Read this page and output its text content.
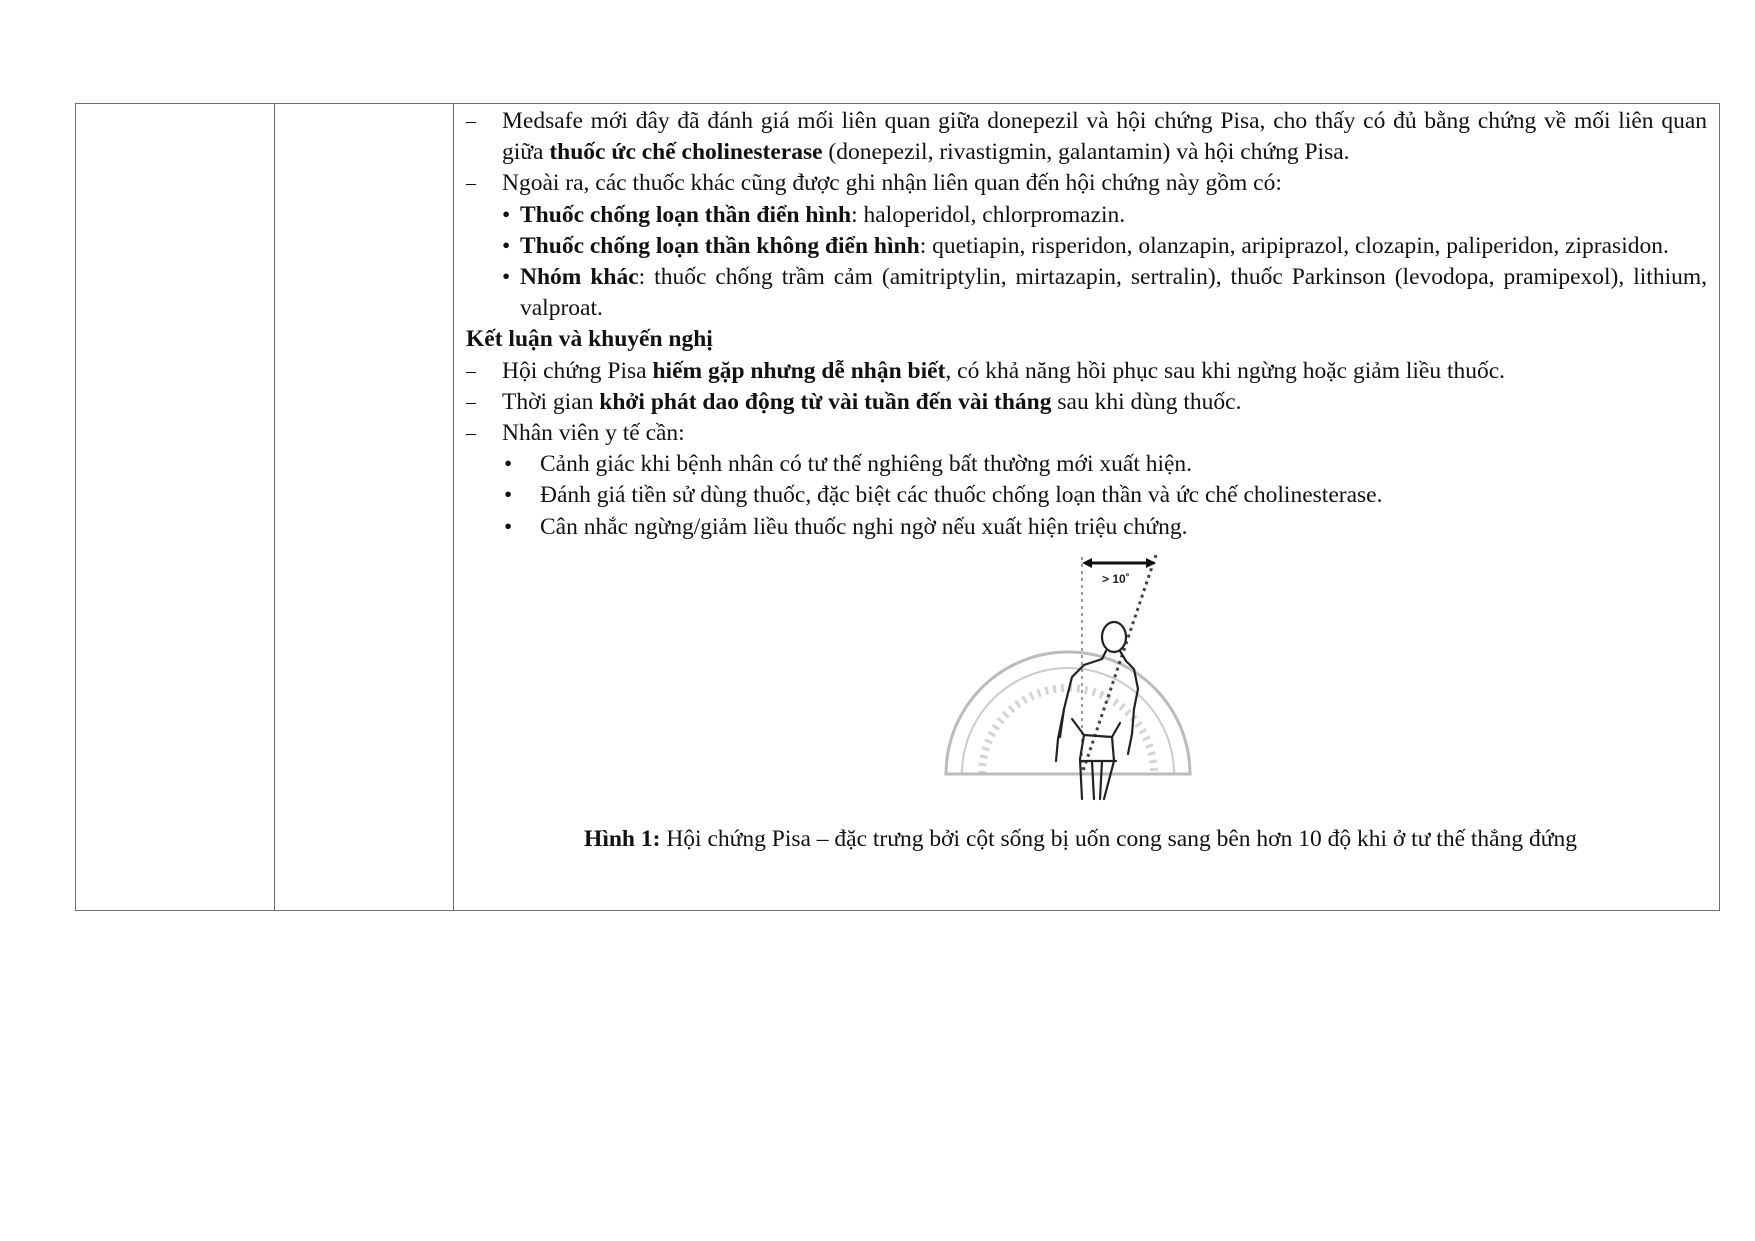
– Medsafe mới đây đã đánh giá mối liên quan giữa donepezil và hội chứng Pisa, cho thấy có đủ bằng chứng về mối liên quan giữa thuốc ức chế cholinesterase (donepezil, rivastigmin, galantamin) và hội chứng Pisa.
– Ngoài ra, các thuốc khác cũng được ghi nhận liên quan đến hội chứng này gồm có:
• Thuốc chống loạn thần điển hình: haloperidol, chlorpromazin.
• Thuốc chống loạn thần không điển hình: quetiapin, risperidon, olanzapin, aripiprazol, clozapin, paliperidon, ziprasidon.
• Nhóm khác: thuốc chống trầm cảm (amitriptylin, mirtazapin, sertralin), thuốc Parkinson (levodopa, pramipexol), lithium, valproat.
Kết luận và khuyến nghị
– Hội chứng Pisa hiếm gặp nhưng dễ nhận biết, có khả năng hồi phục sau khi ngừng hoặc giảm liều thuốc.
– Thời gian khởi phát dao động từ vài tuần đến vài tháng sau khi dùng thuốc.
– Nhân viên y tế cần:
• Cảnh giác khi bệnh nhân có tư thế nghiêng bất thường mới xuất hiện.
• Đánh giá tiền sử dùng thuốc, đặc biệt các thuốc chống loạn thần và ức chế cholinesterase.
• Cân nhắc ngừng/giảm liều thuốc nghi ngờ nếu xuất hiện triệu chứng.
> 10˚
Hình 1: Hội chứng Pisa – đặc trưng bởi cột sống bị uốn cong sang bên hơn 10 độ khi ở tư thế thẳng đứng
